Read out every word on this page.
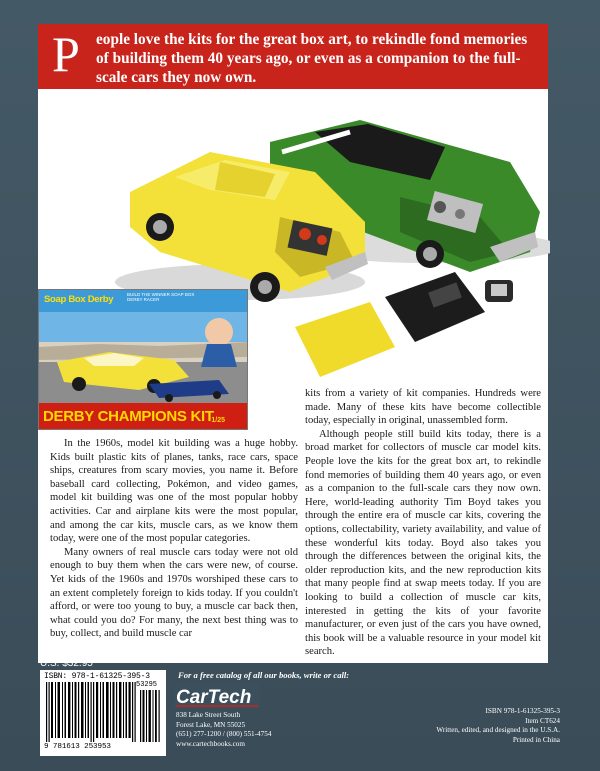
P eople love the kits for the great box art, to rekindle fond memories of building them 40 years ago, or even as a companion to the full-scale cars they now own.
Soap Box Derby	BUILD THE WINNER SOAP BOX DERBY RACER
DERBY CHAMPIONS KIT
1/25

In the 1960s, model kit building was a huge hobby. Kids built plastic kits of planes, tanks, race cars, space ships, creatures from scary movies, you name it. Before baseball card collecting, Pokémon, and video games, model kit building was one of the most popular hobby activities. Car and airplane kits were the most popular, and among the car kits, muscle cars, as we know them today, were one of the most popular categories.

Many owners of real muscle cars today were not old enough to buy them when the cars were new, of course. Yet kids of the 1960s and 1970s worshiped these cars to an extent completely foreign to kids today. If you couldn't afford, or were too young to buy, a muscle car back then, what could you do? For many, the next best thing was to buy, collect, and build muscle car

kits from a variety of kit companies. Hundreds were made. Many of these kits have become collectible today, especially in original, unassembled form.

Although people still build kits today, there is a broad market for collectors of muscle car model kits. People love the kits for the great box art, to rekindle fond memories of building them 40 years ago, or even as a companion to the full-scale cars they now own. Here, world-leading authority Tim Boyd takes you through the entire era of muscle car kits, covering the options, collectability, variety availability, and value of these wonderful kits today. Boyd also takes you through the differences between the original kits, the older reproduction kits, and the new reproduction kits that many people find at swap meets today. If you are looking to build a collection of muscle car kits, interested in getting the kits of your favorite manufacturer, or even just of the cars you have owned, this book will be a valuable resource in your model kit search.

U.S. $32.95
ISBN: 978-1-61325-395-3
53295
9 781613 253953
For a free catalog of all our books, write or call:
CarTech
838 Lake Street South
Forest Lake, MN 55025
(651) 277-1200 / (800) 551-4754
www.cartechbooks.com
ISBN 978-1-61325-395-3
Item CT624
Written, edited, and designed in the U.S.A.
Printed in China
